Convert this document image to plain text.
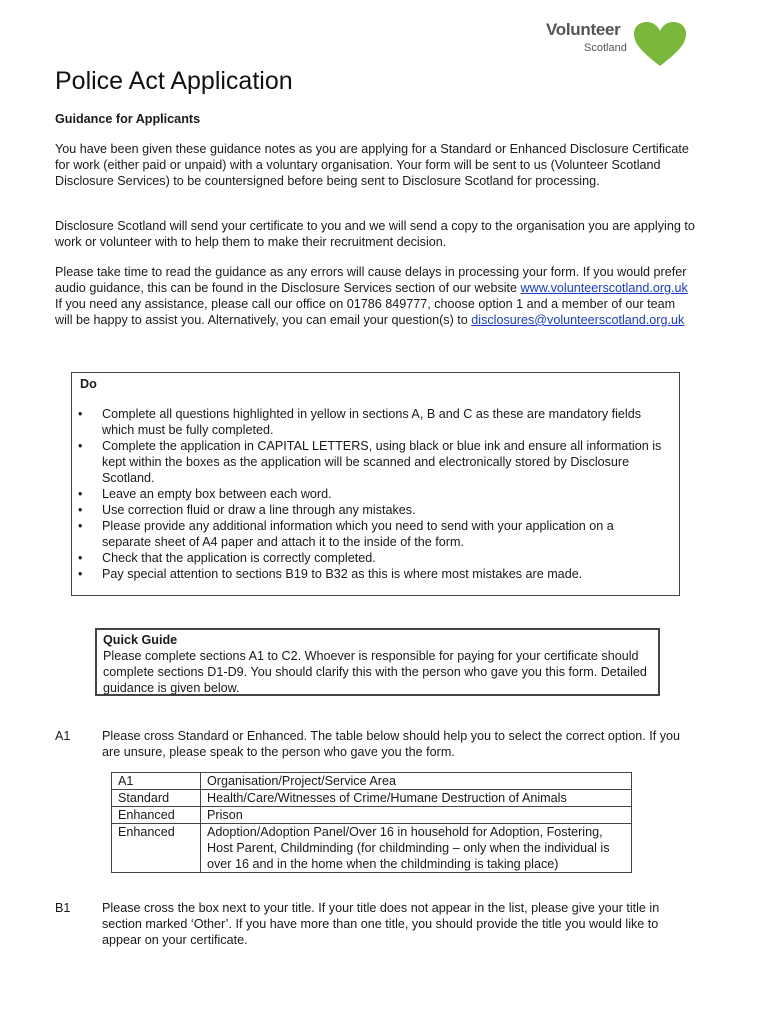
Volunteer
Scotland
Police Act Application
Guidance for Applicants
You have been given these guidance notes as you are applying for a Standard or Enhanced Disclosure Certificate for work (either paid or unpaid) with a voluntary organisation. Your form will be sent to us (Volunteer Scotland Disclosure Services) to be countersigned before being sent to Disclosure Scotland for processing.
Disclosure Scotland will send your certificate to you and we will send a copy to the organisation you are applying to work or volunteer with to help them to make their recruitment decision.
Please take time to read the guidance as any errors will cause delays in processing your form. If you would prefer audio guidance, this can be found in the Disclosure Services section of our website www.volunteerscotland.org.uk If you need any assistance, please call our office on 01786 849777, choose option 1 and a member of our team will be happy to assist you. Alternatively, you can email your question(s) to disclosures@volunteerscotland.org.uk
Do
• Complete all questions highlighted in yellow in sections A, B and C as these are mandatory fields which must be fully completed.
• Complete the application in CAPITAL LETTERS, using black or blue ink and ensure all information is kept within the boxes as the application will be scanned and electronically stored by Disclosure Scotland.
• Leave an empty box between each word.
• Use correction fluid or draw a line through any mistakes.
• Please provide any additional information which you need to send with your application on a separate sheet of A4 paper and attach it to the inside of the form.
• Check that the application is correctly completed.
• Pay special attention to sections B19 to B32 as this is where most mistakes are made.
Quick Guide
Please complete sections A1 to C2. Whoever is responsible for paying for your certificate should complete sections D1-D9. You should clarify this with the person who gave you this form. Detailed guidance is given below.
A1	Please cross Standard or Enhanced. The table below should help you to select the correct option. If you are unsure, please speak to the person who gave you the form.
A1	Organisation/Project/Service Area
Standard	Health/Care/Witnesses of Crime/Humane Destruction of Animals
Enhanced	Prison
Enhanced	Adoption/Adoption Panel/Over 16 in household for Adoption, Fostering, Host Parent, Childminding (for childminding – only when the individual is over 16 and in the home when the childminding is taking place)
B1	Please cross the box next to your title. If your title does not appear in the list, please give your title in section marked ‘Other’. If you have more than one title, you should provide the title you would like to appear on your certificate.
